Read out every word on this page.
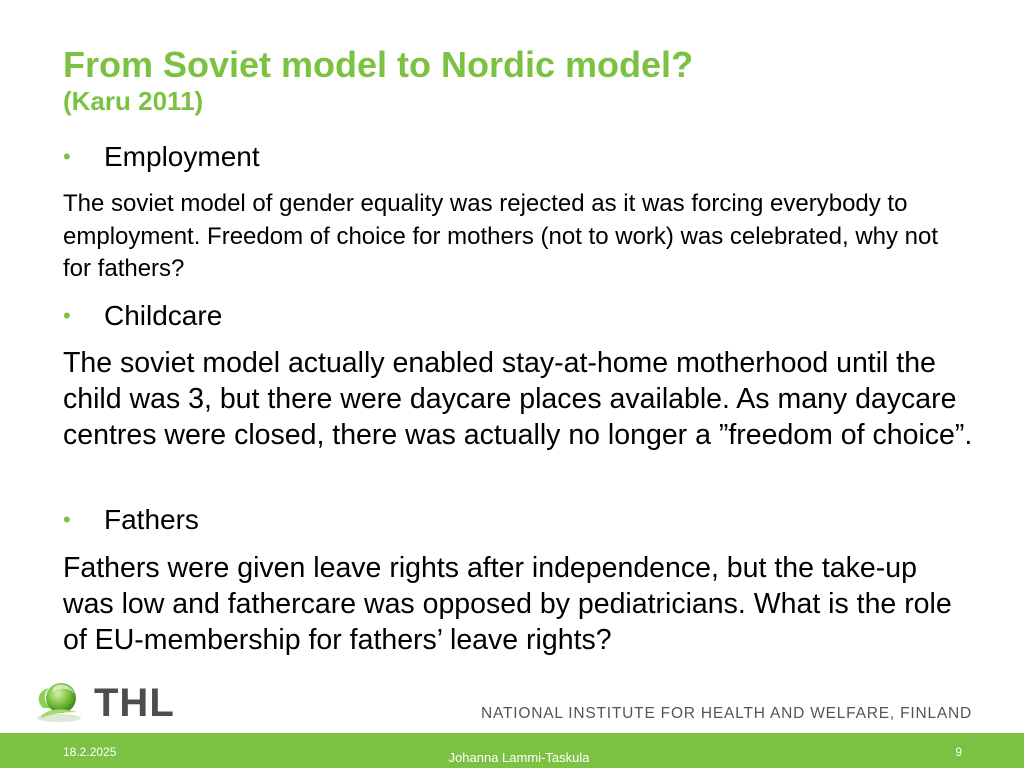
From Soviet model to Nordic model?
(Karu 2011)
• Employment

The soviet model of gender equality was rejected as it was forcing everybody to employment. Freedom of choice for mothers (not to work) was celebrated, why not for fathers?

• Childcare

The soviet model actually enabled stay-at-home motherhood until the child was 3, but there were daycare places available. As many daycare centres were closed, there was actually no longer a ”freedom of choice”.

• Fathers

Fathers were given leave rights after independence, but the take-up was low and fathercare was opposed by pediatricians. What is the role of EU-membership for fathers’ leave rights?

THL	NATIONAL INSTITUTE FOR HEALTH AND WELFARE, FINLAND
18.2.2025	Johanna Lammi-Taskula	9
